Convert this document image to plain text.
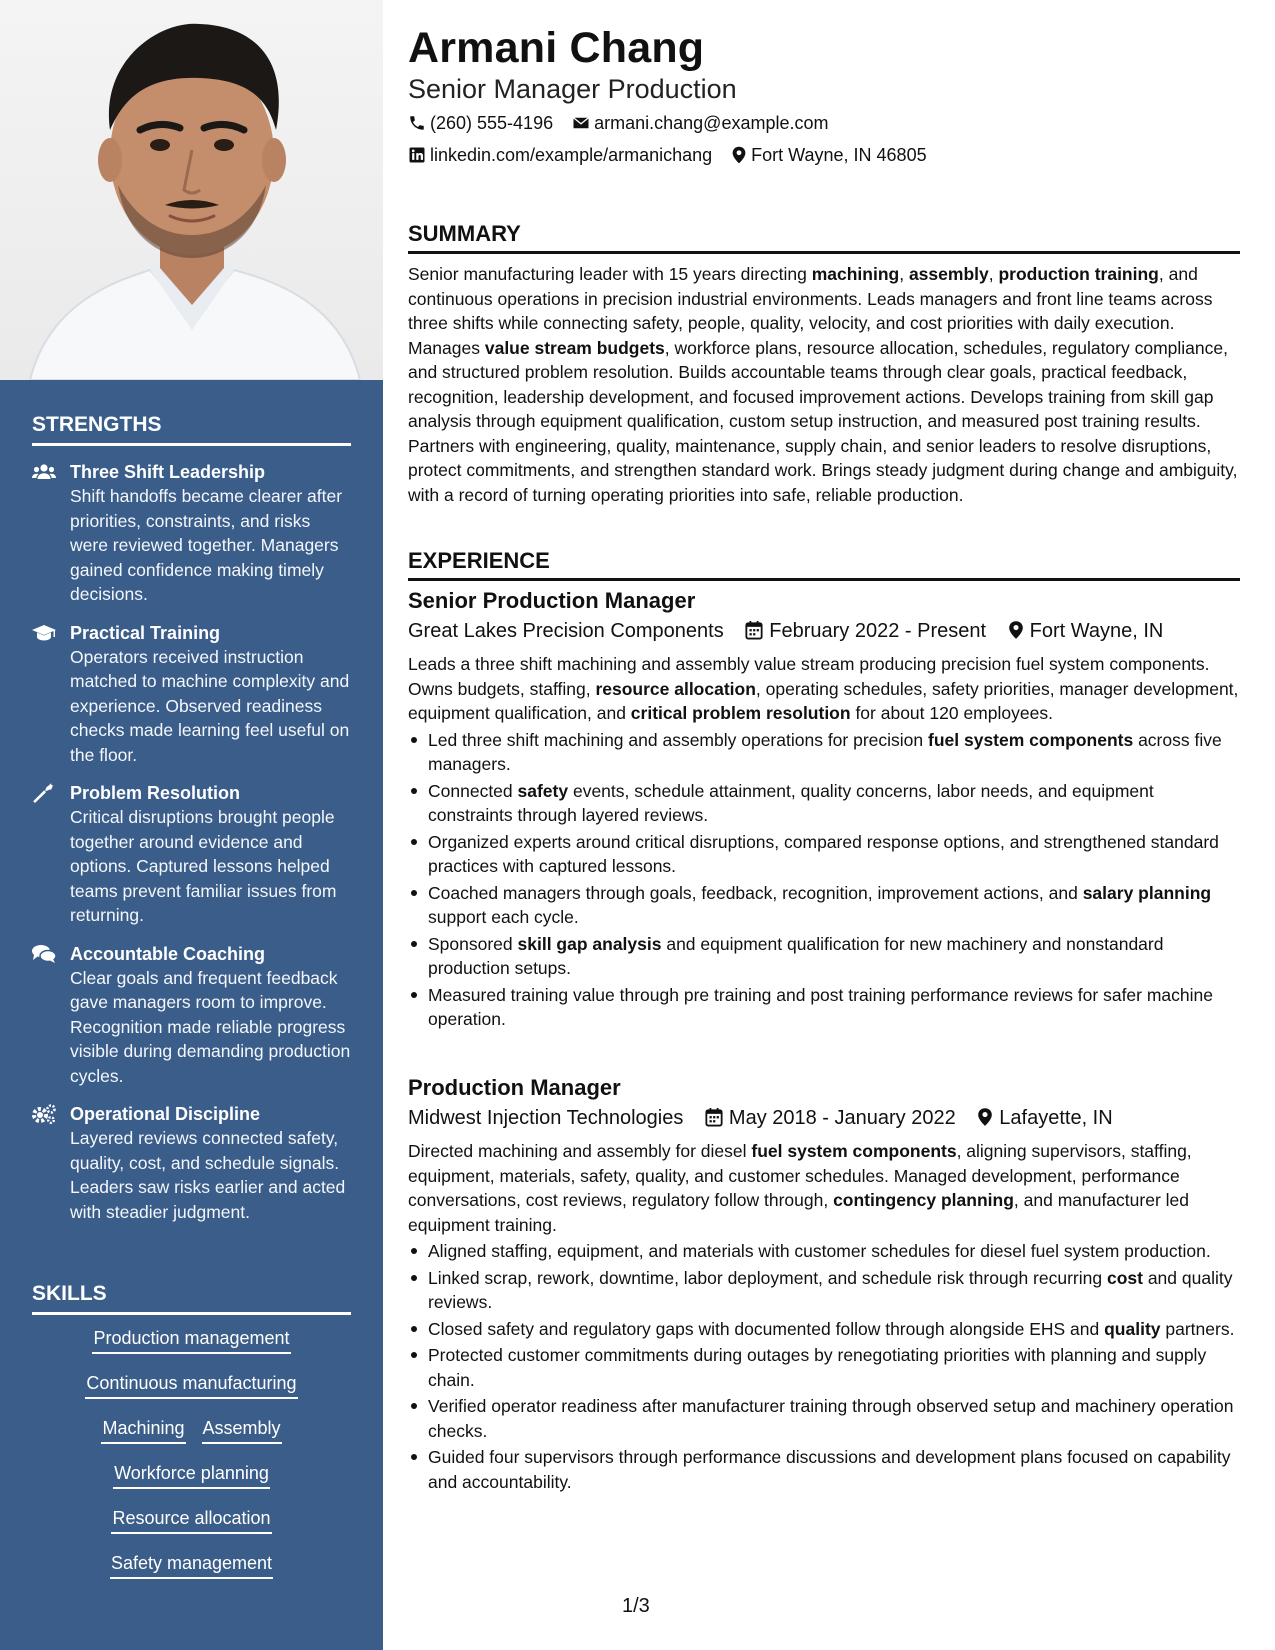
STRENGTHS
Three Shift Leadership
Shift handoffs became clearer after priorities, constraints, and risks were reviewed together. Managers gained confidence making timely decisions.
Practical Training
Operators received instruction matched to machine complexity and experience. Observed readiness checks made learning feel useful on the floor.
Problem Resolution
Critical disruptions brought people together around evidence and options. Captured lessons helped teams prevent familiar issues from returning.
Accountable Coaching
Clear goals and frequent feedback gave managers room to improve. Recognition made reliable progress visible during demanding production cycles.
Operational Discipline
Layered reviews connected safety, quality, cost, and schedule signals. Leaders saw risks earlier and acted with steadier judgment.
SKILLS
Production management
Continuous manufacturing
Machining Assembly
Workforce planning
Resource allocation
Safety management
Armani Chang
Senior Manager Production
(260) 555-4196 armani.chang@example.com
linkedin.com/example/armanichang Fort Wayne, IN 46805
SUMMARY

Senior manufacturing leader with 15 years directing machining, assembly, production training, and continuous operations in precision industrial environments. Leads managers and front line teams across three shifts while connecting safety, people, quality, velocity, and cost priorities with daily execution. Manages value stream budgets, workforce plans, resource allocation, schedules, regulatory compliance, and structured problem resolution. Builds accountable teams through clear goals, practical feedback, recognition, leadership development, and focused improvement actions. Develops training from skill gap analysis through equipment qualification, custom setup instruction, and measured post training results. Partners with engineering, quality, maintenance, supply chain, and senior leaders to resolve disruptions, protect commitments, and strengthen standard work. Brings steady judgment during change and ambiguity, with a record of turning operating priorities into safe, reliable production.

EXPERIENCE
Senior Production Manager
Great Lakes Precision Components February 2022 - Present Fort Wayne, IN

Leads a three shift machining and assembly value stream producing precision fuel system components. Owns budgets, staffing, resource allocation, operating schedules, safety priorities, manager development, equipment qualification, and critical problem resolution for about 120 employees.

Led three shift machining and assembly operations for precision fuel system components across five managers.
Connected safety events, schedule attainment, quality concerns, labor needs, and equipment constraints through layered reviews.
Organized experts around critical disruptions, compared response options, and strengthened standard practices with captured lessons.
Coached managers through goals, feedback, recognition, improvement actions, and salary planning support each cycle.
Sponsored skill gap analysis and equipment qualification for new machinery and nonstandard production setups.
Measured training value through pre training and post training performance reviews for safer machine operation.
Production Manager
Midwest Injection Technologies May 2018 - January 2022 Lafayette, IN

Directed machining and assembly for diesel fuel system components, aligning supervisors, staffing, equipment, materials, safety, quality, and customer schedules. Managed development, performance conversations, cost reviews, regulatory follow through, contingency planning, and manufacturer led equipment training.

Aligned staffing, equipment, and materials with customer schedules for diesel fuel system production.
Linked scrap, rework, downtime, labor deployment, and schedule risk through recurring cost and quality reviews.
Closed safety and regulatory gaps with documented follow through alongside EHS and quality partners.
Protected customer commitments during outages by renegotiating priorities with planning and supply chain.
Verified operator readiness after manufacturer training through observed setup and machinery operation checks.
Guided four supervisors through performance discussions and development plans focused on capability and accountability.
1/3
